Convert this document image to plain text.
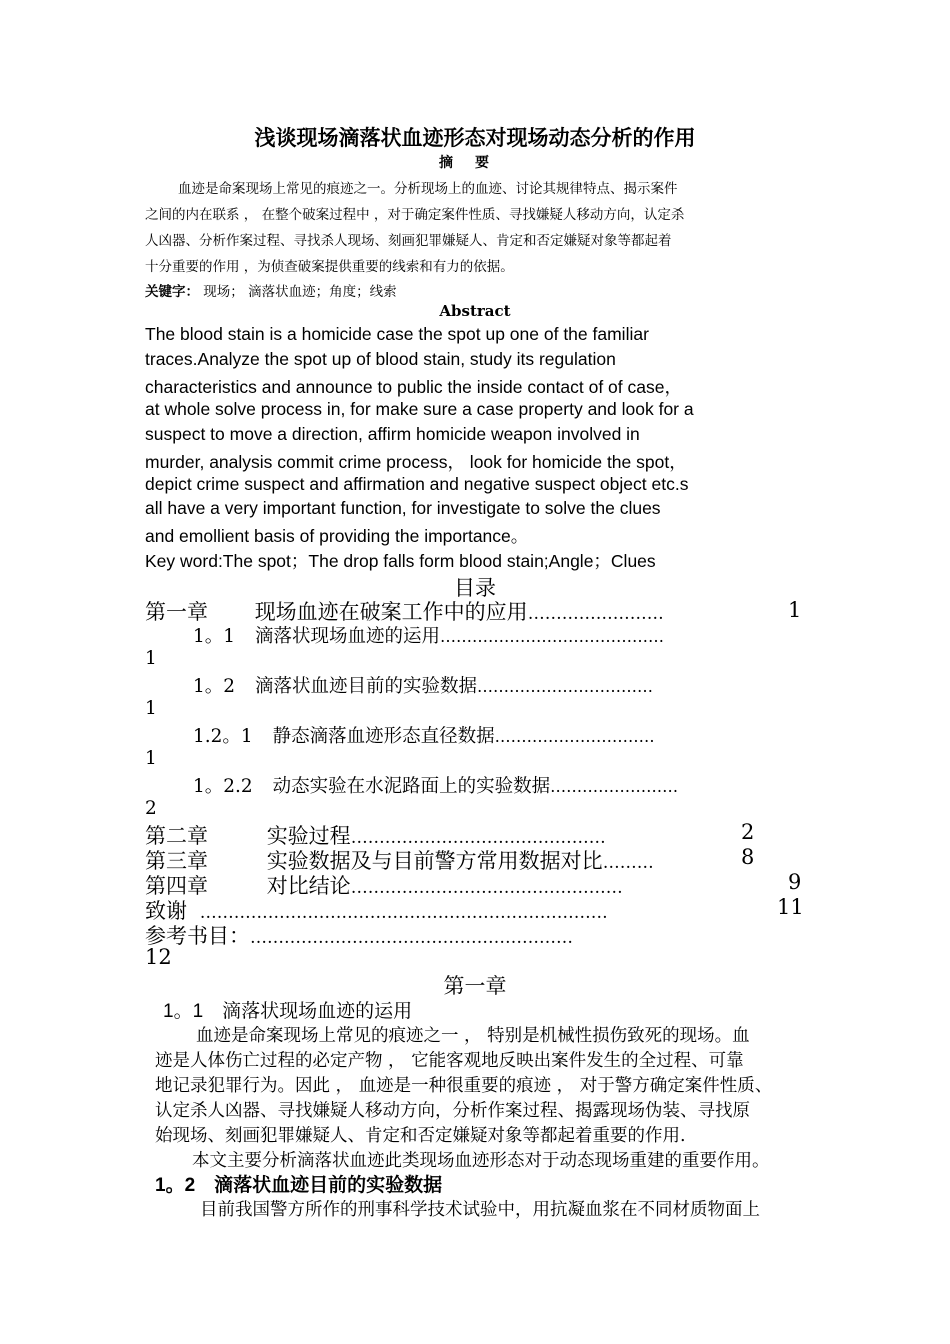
浅谈现场滴落状血迹形态对现场动态分析的作用
摘要
血迹是命案现场上常见的痕迹之一。分析现场上的血迹、讨论其规律特点、揭示案件
之间的内在联系 ， 在整个破案过程中 ，对于确定案件性质、寻找嫌疑人移动方向，认定杀
人凶器、分析作案过程、寻找杀人现场、刻画犯罪嫌疑人、肯定和否定嫌疑对象等都起着
十分重要的作用 ，为侦查破案提供重要的线索和有力的依据。
关键字： 现场； 滴落状血迹；角度；线索
Abstract
The blood stain is a homicide case the spot up one of the familiar
traces.Analyze the spot up of blood stain, study its regulation
characteristics and announce to public the inside contact of of case，
at whole solve process in, for make sure a case property and look for a
suspect to move a direction, affirm homicide weapon involved in
murder, analysis commit crime process， look for homicide the spot，
depict crime suspect and affirmation and negative suspect object etc.s
all have a very important function, for investigate to solve the clues
and emollient basis of providing the importance。
Key word:The spot；The drop falls form blood stain;Angle；Clues
目录
第一章 现场血迹在破案工作中的应用……………………	1
1。1 滴落状现场血迹的运用……………………………………
1
1。2 滴落状血迹目前的实验数据……………………………
1
1.2。1 静态滴落血迹形态直径数据…………………………
1
1。2.2 动态实验在水泥路面上的实验数据……………………
2
第二章	实验过程………………………………………	2
第三章	实验数据及与目前警方常用数据对比………	8
第四章	对比结论…………………………………………	9
致谢 ………………………………………………………………	11
参考书目：…………………………………………………
12
第一章
1。1　滴落状现场血迹的运用
血迹是命案现场上常见的痕迹之一 ， 特别是机械性损伤致死的现场。血
迹是人体伤亡过程的必定产物 ， 它能客观地反映出案件发生的全过程、可靠
地记录犯罪行为。因此 ， 血迹是一种很重要的痕迹 ， 对于警方确定案件性质、
认定杀人凶器、寻找嫌疑人移动方向，分析作案过程、揭露现场伪装、寻找原
始现场、刻画犯罪嫌疑人、肯定和否定嫌疑对象等都起着重要的作用.
本文主要分析滴落状血迹此类现场血迹形态对于动态现场重建的重要作用。
1。2　滴落状血迹目前的实验数据
目前我国警方所作的刑事科学技术试验中，用抗凝血浆在不同材质物面上
